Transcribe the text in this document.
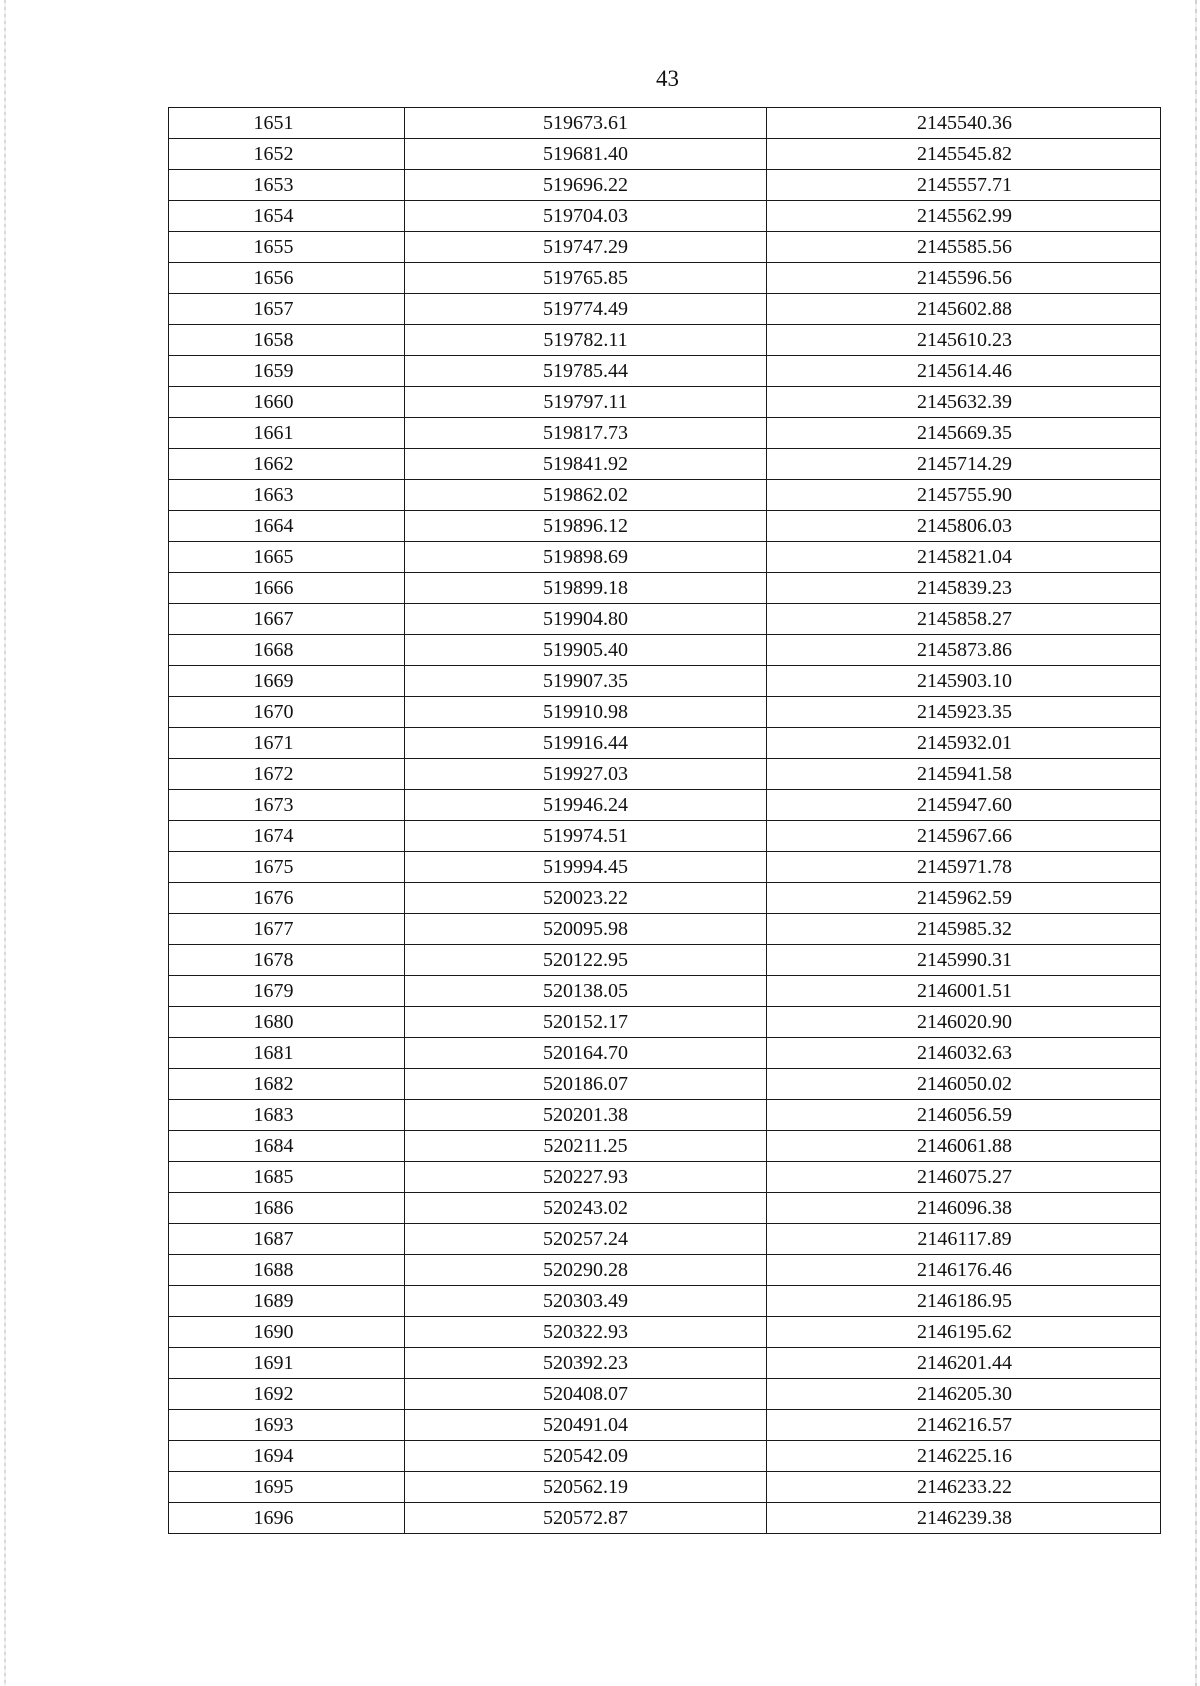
43
1651	519673.61	2145540.36
1652	519681.40	2145545.82
1653	519696.22	2145557.71
1654	519704.03	2145562.99
1655	519747.29	2145585.56
1656	519765.85	2145596.56
1657	519774.49	2145602.88
1658	519782.11	2145610.23
1659	519785.44	2145614.46
1660	519797.11	2145632.39
1661	519817.73	2145669.35
1662	519841.92	2145714.29
1663	519862.02	2145755.90
1664	519896.12	2145806.03
1665	519898.69	2145821.04
1666	519899.18	2145839.23
1667	519904.80	2145858.27
1668	519905.40	2145873.86
1669	519907.35	2145903.10
1670	519910.98	2145923.35
1671	519916.44	2145932.01
1672	519927.03	2145941.58
1673	519946.24	2145947.60
1674	519974.51	2145967.66
1675	519994.45	2145971.78
1676	520023.22	2145962.59
1677	520095.98	2145985.32
1678	520122.95	2145990.31
1679	520138.05	2146001.51
1680	520152.17	2146020.90
1681	520164.70	2146032.63
1682	520186.07	2146050.02
1683	520201.38	2146056.59
1684	520211.25	2146061.88
1685	520227.93	2146075.27
1686	520243.02	2146096.38
1687	520257.24	2146117.89
1688	520290.28	2146176.46
1689	520303.49	2146186.95
1690	520322.93	2146195.62
1691	520392.23	2146201.44
1692	520408.07	2146205.30
1693	520491.04	2146216.57
1694	520542.09	2146225.16
1695	520562.19	2146233.22
1696	520572.87	2146239.38
